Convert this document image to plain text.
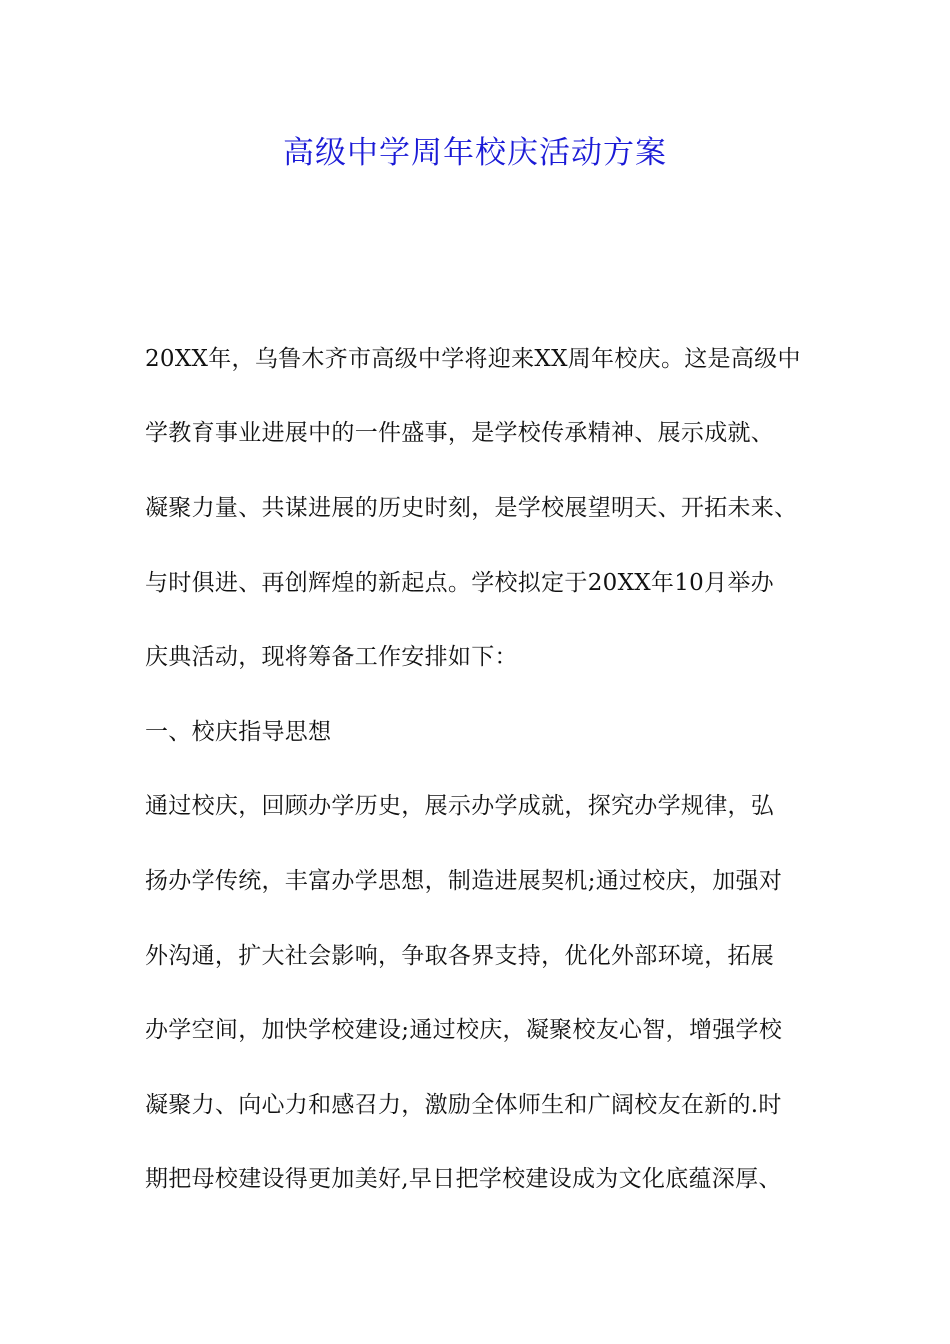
高级中学周年校庆活动方案
20XX年，乌鲁木齐市高级中学将迎来XX周年校庆。这是高级中
学教育事业进展中的一件盛事，是学校传承精神、展示成就、
凝聚力量、共谋进展的历史时刻，是学校展望明天、开拓未来、
与时俱进、再创辉煌的新起点。学校拟定于20XX年10月举办
庆典活动，现将筹备工作安排如下：
一、校庆指导思想
通过校庆，回顾办学历史，展示办学成就，探究办学规律，弘
扬办学传统，丰富办学思想，制造进展契机;通过校庆，加强对
外沟通，扩大社会影响，争取各界支持，优化外部环境，拓展
办学空间，加快学校建设;通过校庆，凝聚校友心智，增强学校
凝聚力、向心力和感召力，激励全体师生和广阔校友在新的.时
期把母校建设得更加美好,早日把学校建设成为文化底蕴深厚、
